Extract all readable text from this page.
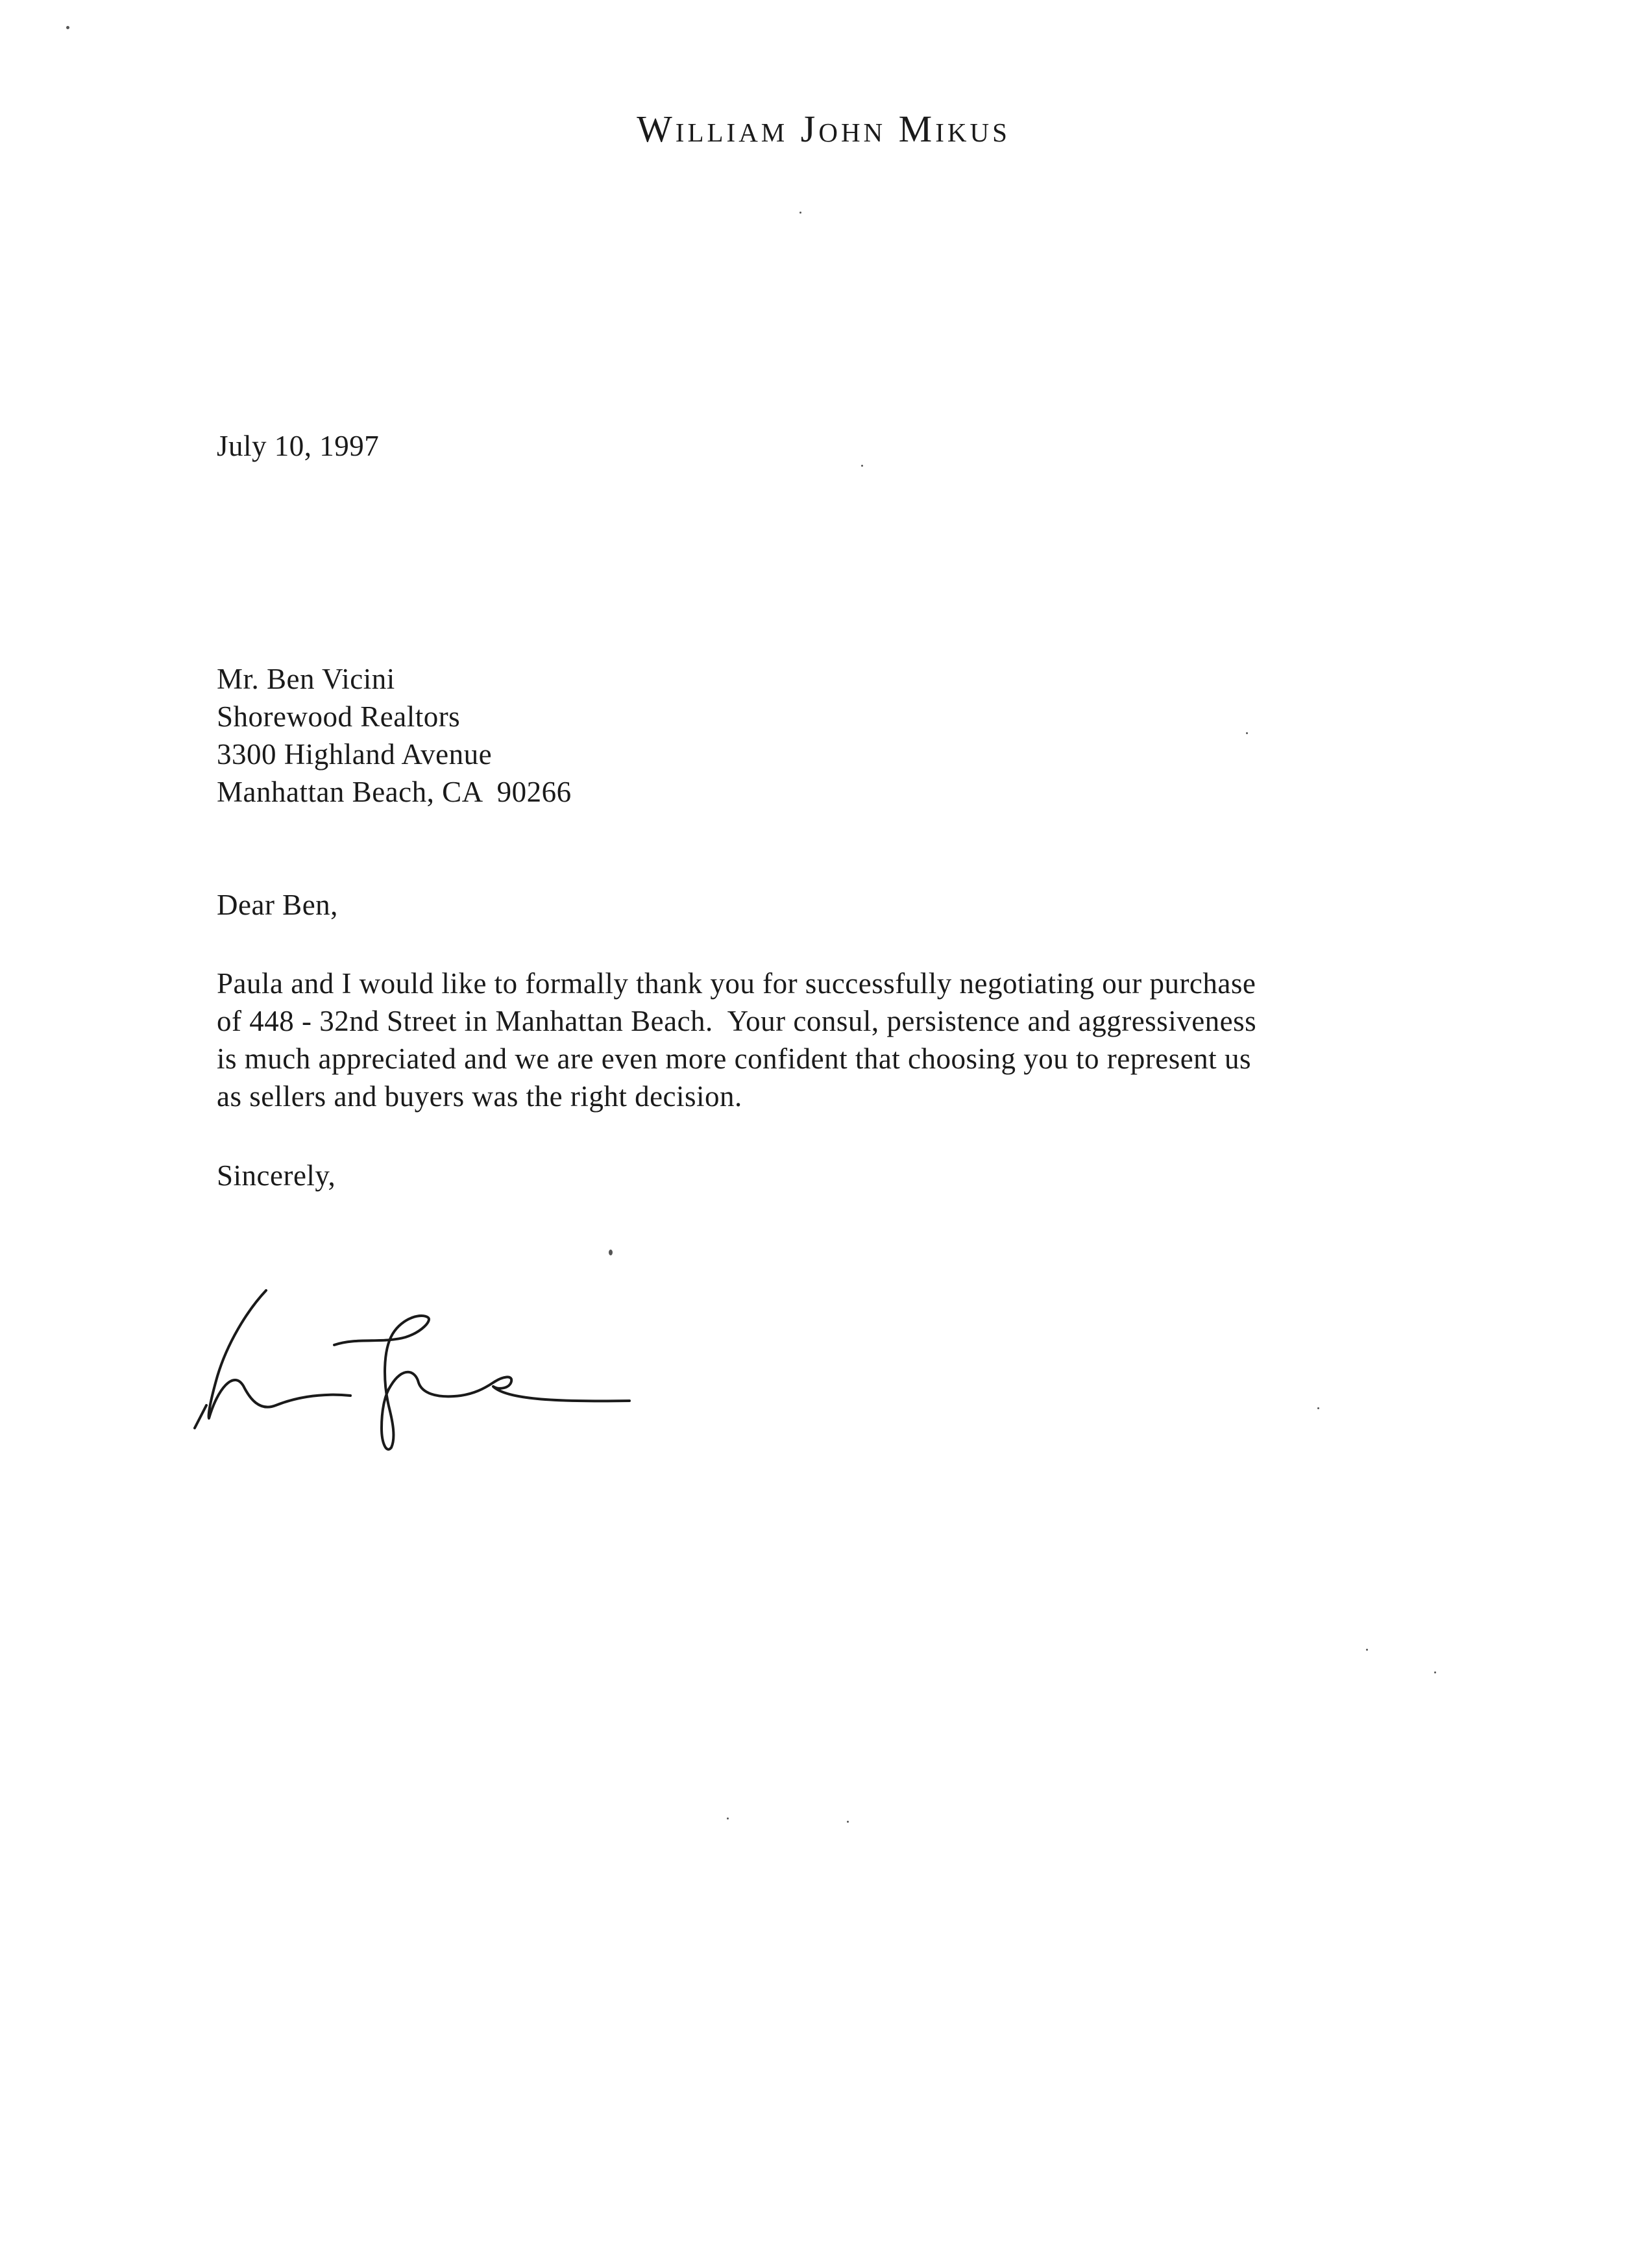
William John Mikus
July 10, 1997
Mr. Ben Vicini
Shorewood Realtors
3300 Highland Avenue
Manhattan Beach, CA  90266
Dear Ben,
Paula and I would like to formally thank you for successfully negotiating our purchase
of 448 - 32nd Street in Manhattan Beach.  Your consul, persistence and aggressiveness
is much appreciated and we are even more confident that choosing you to represent us
as sellers and buyers was the right decision.
Sincerely,
